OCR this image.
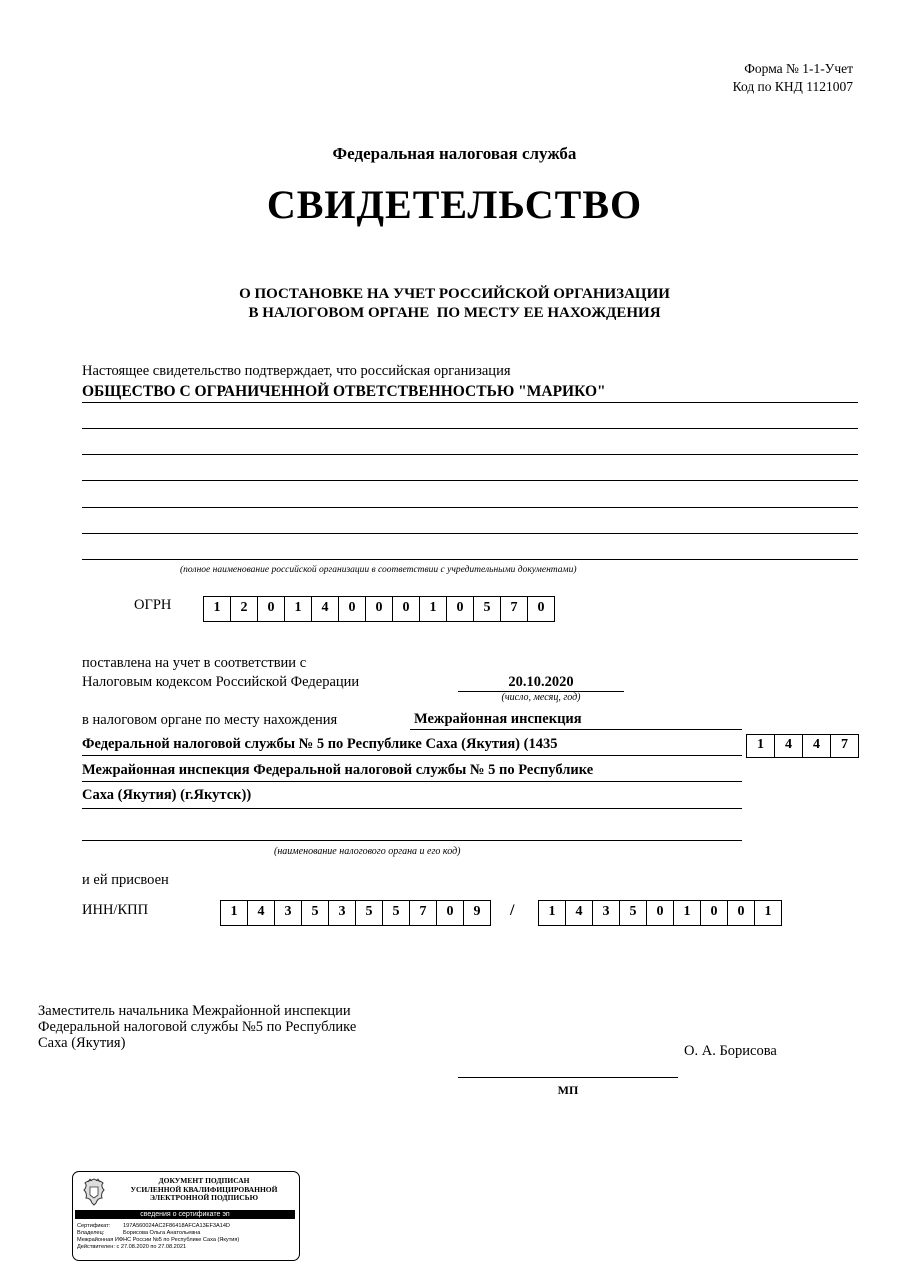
Форма № 1-1-Учет
Код по КНД 1121007
Федеральная налоговая служба
СВИДЕТЕЛЬСТВО
О ПОСТАНОВКЕ НА УЧЕТ РОССИЙСКОЙ ОРГАНИЗАЦИИ
В НАЛОГОВОМ ОРГАНЕ  ПО МЕСТУ ЕЕ НАХОЖДЕНИЯ
Настоящее свидетельство подтверждает, что российская организация
ОБЩЕСТВО С ОГРАНИЧЕННОЙ ОТВЕТСТВЕННОСТЬЮ "МАРИКО"
(полное наименование российской организации в соответствии с учредительными документами)
ОГРН	1	2	0	1	4	0	0	0	1	0	5	7	0
поставлена на учет в соответствии с
Налоговым кодексом Российской Федерации	20.10.2020
(число, месяц, год)
в налоговом органе по месту нахождения	Межрайонная инспекция
Федеральной налоговой службы № 5 по Республике Саха (Якутия) (1435	1	4	4	7
Межрайонная инспекция Федеральной налоговой службы № 5 по Республике
Саха (Якутия) (г.Якутск))
(наименование налогового органа и его код)
и ей присвоен
ИНН/КПП	1	4	3	5	3	5	5	7	0	9	/	1	4	3	5	0	1	0	0	1
Заместитель начальника Межрайонной инспекции
Федеральной налоговой службы №5 по Республике
Саха (Якутия)	О. А. Борисова
МП
ДОКУМЕНТ ПОДПИСАН
УСИЛЕННОЙ КВАЛИФИЦИРОВАННОЙ
ЭЛЕКТРОННОЙ ПОДПИСЬЮ
сведения о сертификате эп
Сертификат: 197A560024AC2F86418AFCA13EF3A14D
Владелец:	Борисова Ольга Анатольевна
Межрайонная ИФНС России №5 по Республике Саха (Якутия)
Действителен: с 27.08.2020 по 27.08.2021
